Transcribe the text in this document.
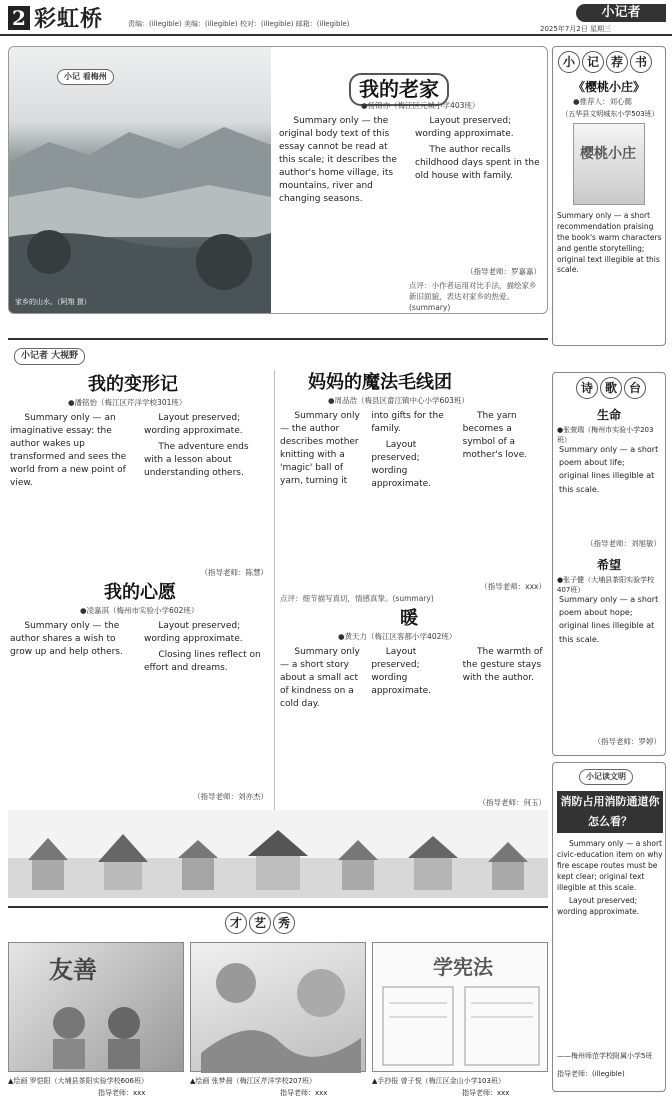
2 彩虹桥	责编：(illegible) 美编：(illegible) 校对：(illegible) 邮箱：(illegible)
小记者
2025年7月2日 星期三
小记 看梅州
家乡的山水。（阿翔 摄）
我的老家
●杨锦亦（梅江区元城小学403班）

Summary only — the original body text of this essay cannot be read at this scale; it describes the author's home village, its mountains, river and changing seasons.

Layout preserved; wording approximate.

The author recalls childhood days spent in the old house with family.

（指导老师：罗嘉嘉）
点评：小作者运用对比手法，描绘家乡新旧面貌，表达对家乡的热爱。(summary)
小 记 荐 书
《樱桃小庄》
●推荐人：刘心懿
（五华县文明城东小学503班）
樱桃小庄
Summary only — a short recommendation praising the book's warm characters and gentle storytelling; original text illegible at this scale.
小记者 大视野
我的变形记
●潘铭怡（梅江区芹洋学校301班）

Summary only — an imaginative essay: the author wakes up transformed and sees the world from a new point of view.

Layout preserved; wording approximate.

The adventure ends with a lesson about understanding others.

（指导老师：陈慧）
我的心愿
●凌嘉淇（梅州市实验小学602班）

Summary only — the author shares a wish to grow up and help others.

Layout preserved; wording approximate.

Closing lines reflect on effort and dreams.

（指导老师：刘亦杰）
妈妈的魔法毛线团
●周品浩（梅县区畲江镇中心小学603班）

Summary only — the author describes mother knitting with a 'magic' ball of yarn, turning it into gifts for the family.

Layout preserved; wording approximate.

The yarn becomes a symbol of a mother's love.

（指导老师：xxx）
点评：细节描写真切，情感真挚。(summary)
暖
●黄天力（梅江区客都小学402班）

Summary only — a short story about a small act of kindness on a cold day.

Layout preserved; wording approximate.

The warmth of the gesture stays with the author.

（指导老师：何玉）
诗 歌 台
生命
●张萱瑞（梅州市实验小学203班）
Summary only — a short poem about life;
original lines illegible at this scale.
（指导老师：刘旭敏）
希望
●张子健（大埔县茶阳实验学校407班）
Summary only — a short poem about hope;
original lines illegible at this scale.
（指导老师：罗婷）
小记读文明
消防占用消防通道你怎么看？

Summary only — a short civic-education item on why fire escape routes must be kept clear; original text illegible at this scale.

Layout preserved; wording approximate.

——梅州师范学校附属小学5班
指导老师：(illegible)
才 艺 秀
友善	学宪法
▲绘画 罗恺阳（大埔县茶阳实验学校606班）
指导老师：xxx
▲绘画 张梦晨（梅江区芹洋学校207班）
指导老师：xxx
▲手抄报 曾子悦（梅江区金山小学103班）
指导老师：xxx
